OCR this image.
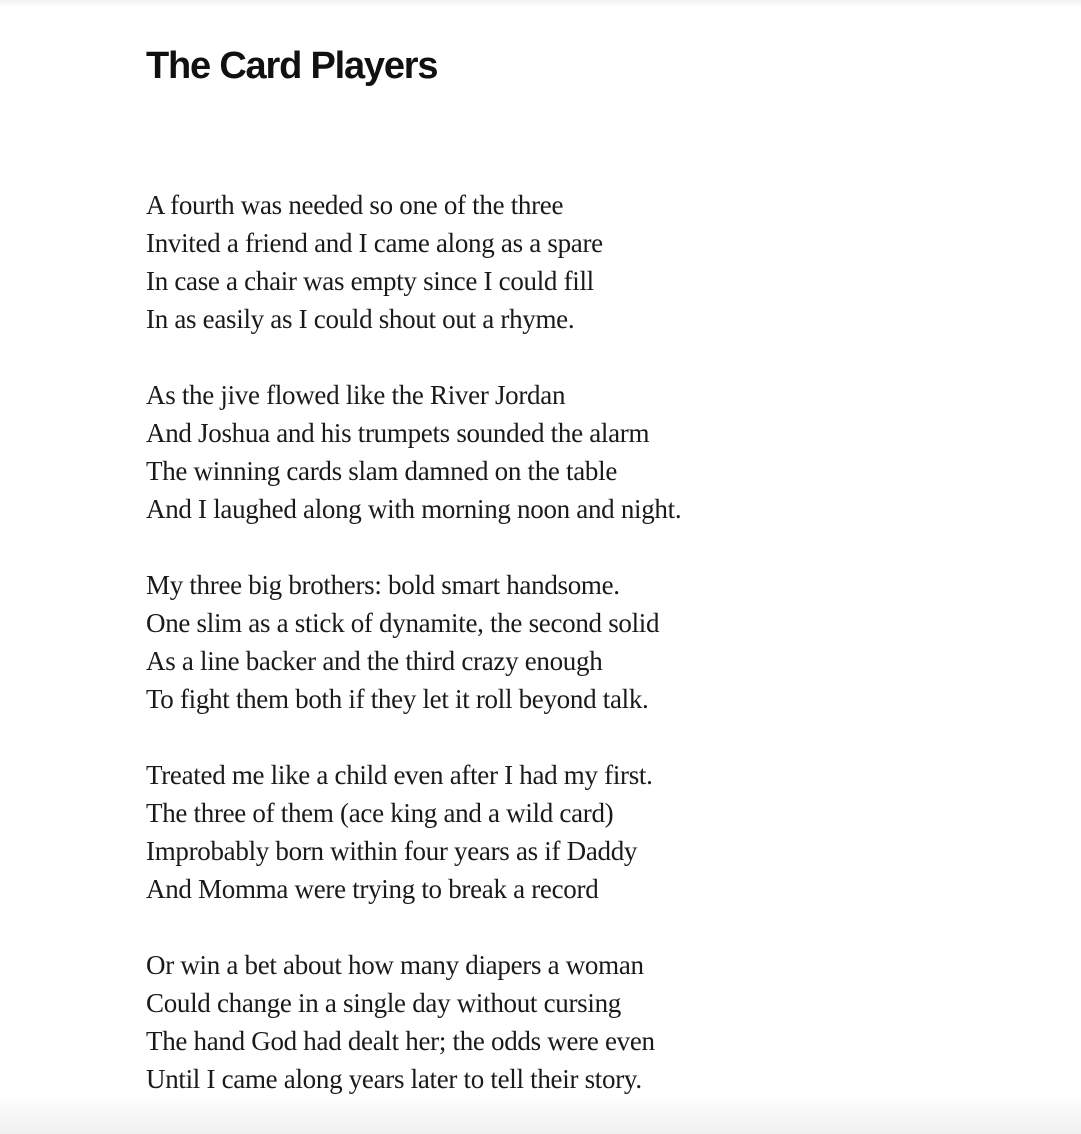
The Card Players
A fourth was needed so one of the three
Invited a friend and I came along as a spare
In case a chair was empty since I could fill
In as easily as I could shout out a rhyme.
As the jive flowed like the River Jordan
And Joshua and his trumpets sounded the alarm
The winning cards slam damned on the table
And I laughed along with morning noon and night.
My three big brothers: bold smart handsome.
One slim as a stick of dynamite, the second solid
As a line backer and the third crazy enough
To fight them both if they let it roll beyond talk.
Treated me like a child even after I had my first.
The three of them (ace king and a wild card)
Improbably born within four years as if Daddy
And Momma were trying to break a record
Or win a bet about how many diapers a woman
Could change in a single day without cursing
The hand God had dealt her; the odds were even
Until I came along years later to tell their story.
